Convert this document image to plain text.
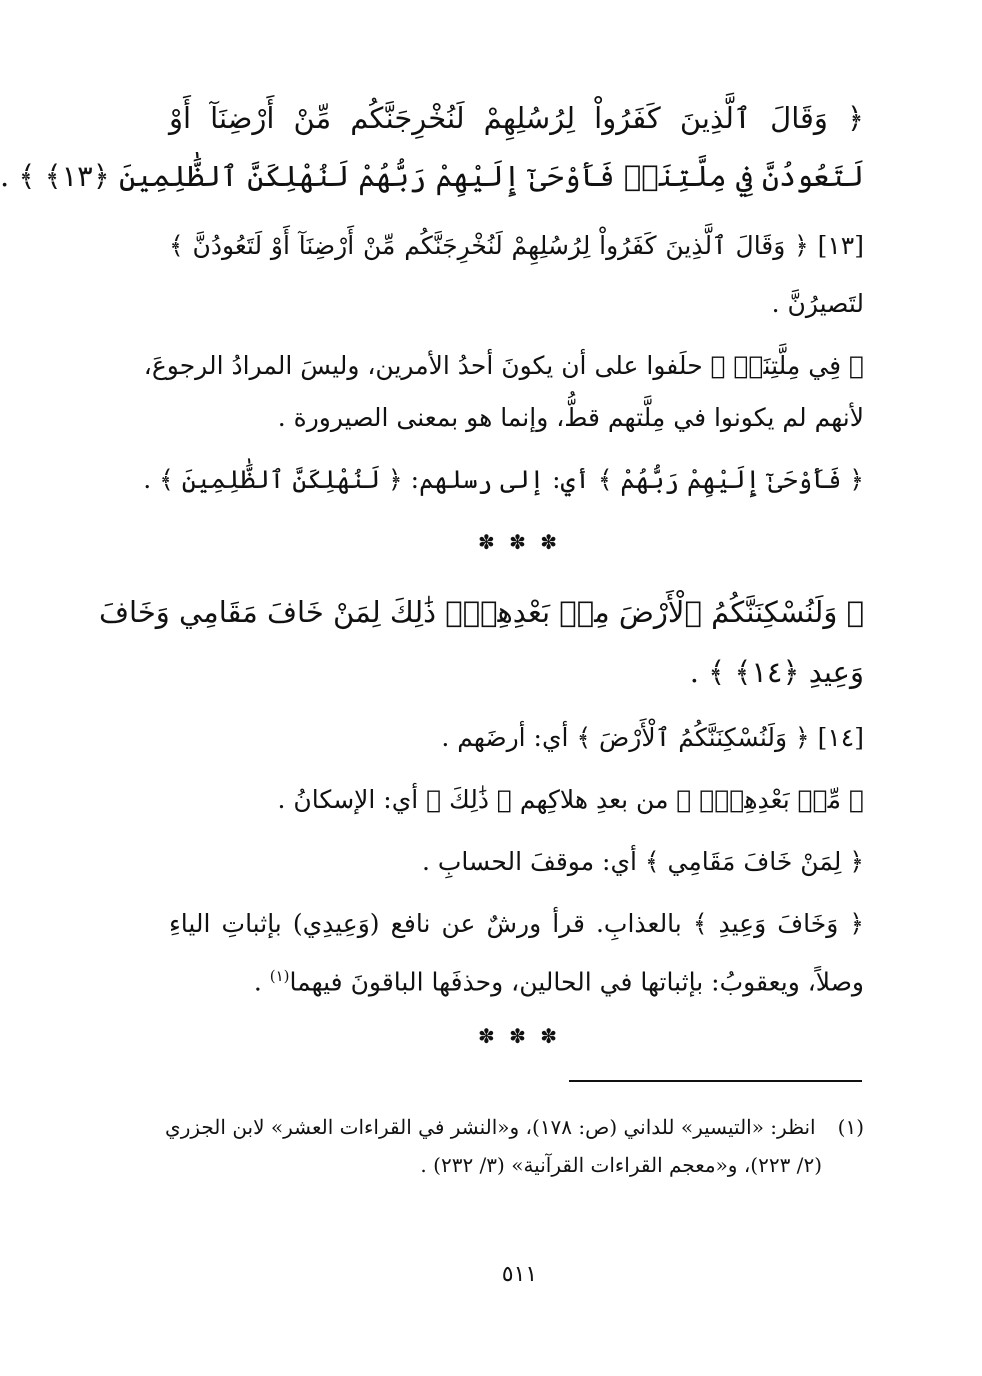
﴿ وَقَالَ ٱلَّذِينَ كَفَرُواْ لِرُسُلِهِمْ لَنُخْرِجَنَّكُم مِّنْ أَرْضِنَآ أَوْ
لَتَعُودُنَّ فِي مِلَّتِنَاۖ فَأَوْحَىٰٓ إِلَيْهِمْ رَبُّهُمْ لَنُهْلِكَنَّ ٱلظَّٰلِمِينَ ﴿١٣﴾ ﴾ .
[١٣] ﴿ وَقَالَ ٱلَّذِينَ كَفَرُواْ لِرُسُلِهِمْ لَنُخْرِجَنَّكُم مِّنْ أَرْضِنَآ أَوْ لَتَعُودُنَّ ﴾
لتَصيرُنَّ .
﴿ فِي مِلَّتِنَاۖ ﴾ حلَفوا على أن يكونَ أحدُ الأمرين، وليسَ المرادُ الرجوعَ،
لأنهم لم يكونوا في مِلَّتهم قطُّ، وإنما هو بمعنى الصيرورة .
﴿ فَأَوْحَىٰٓ إِلَيْهِمْ رَبُّهُمْ ﴾ أي: إلى رسلهم: ﴿ لَنُهْلِكَنَّ ٱلظَّٰلِمِينَ ﴾ .
✽ ✽ ✽
﴿ وَلَنُسْكِنَنَّكُمُ ٱلْأَرْضَ مِنۢ بَعْدِهِمْۚ ذَٰلِكَ لِمَنْ خَافَ مَقَامِي وَخَافَ
وَعِيدِ ﴿١٤﴾ ﴾ .
[١٤] ﴿ وَلَنُسْكِنَنَّكُمُ ٱلْأَرْضَ ﴾ أي: أرضَهم .
﴿ مِّنۢ بَعْدِهِمْۚ ﴾ من بعدِ هلاكِهم ﴿ ذَٰلِكَ ﴾ أي: الإسكانُ .
﴿ لِمَنْ خَافَ مَقَامِي ﴾ أي: موقفَ الحسابِ .
﴿ وَخَافَ وَعِيدِ ﴾ بالعذابِ. قرأ ورشٌ عن نافع (وَعِيدِي) بإثباتِ الياءِ
وصلاً، ويعقوبُ: بإثباتها في الحالين، وحذفَها الباقونَ فيهما$^{(١)}$ .
✽ ✽ ✽
(١)انظر: «التيسير» للداني (ص: ١٧٨)، و«النشر في القراءات العشر» لابن الجزري
(٢/ ٢٢٣)، و«معجم القراءات القرآنية» (٣/ ٢٣٢) .
٥١١
